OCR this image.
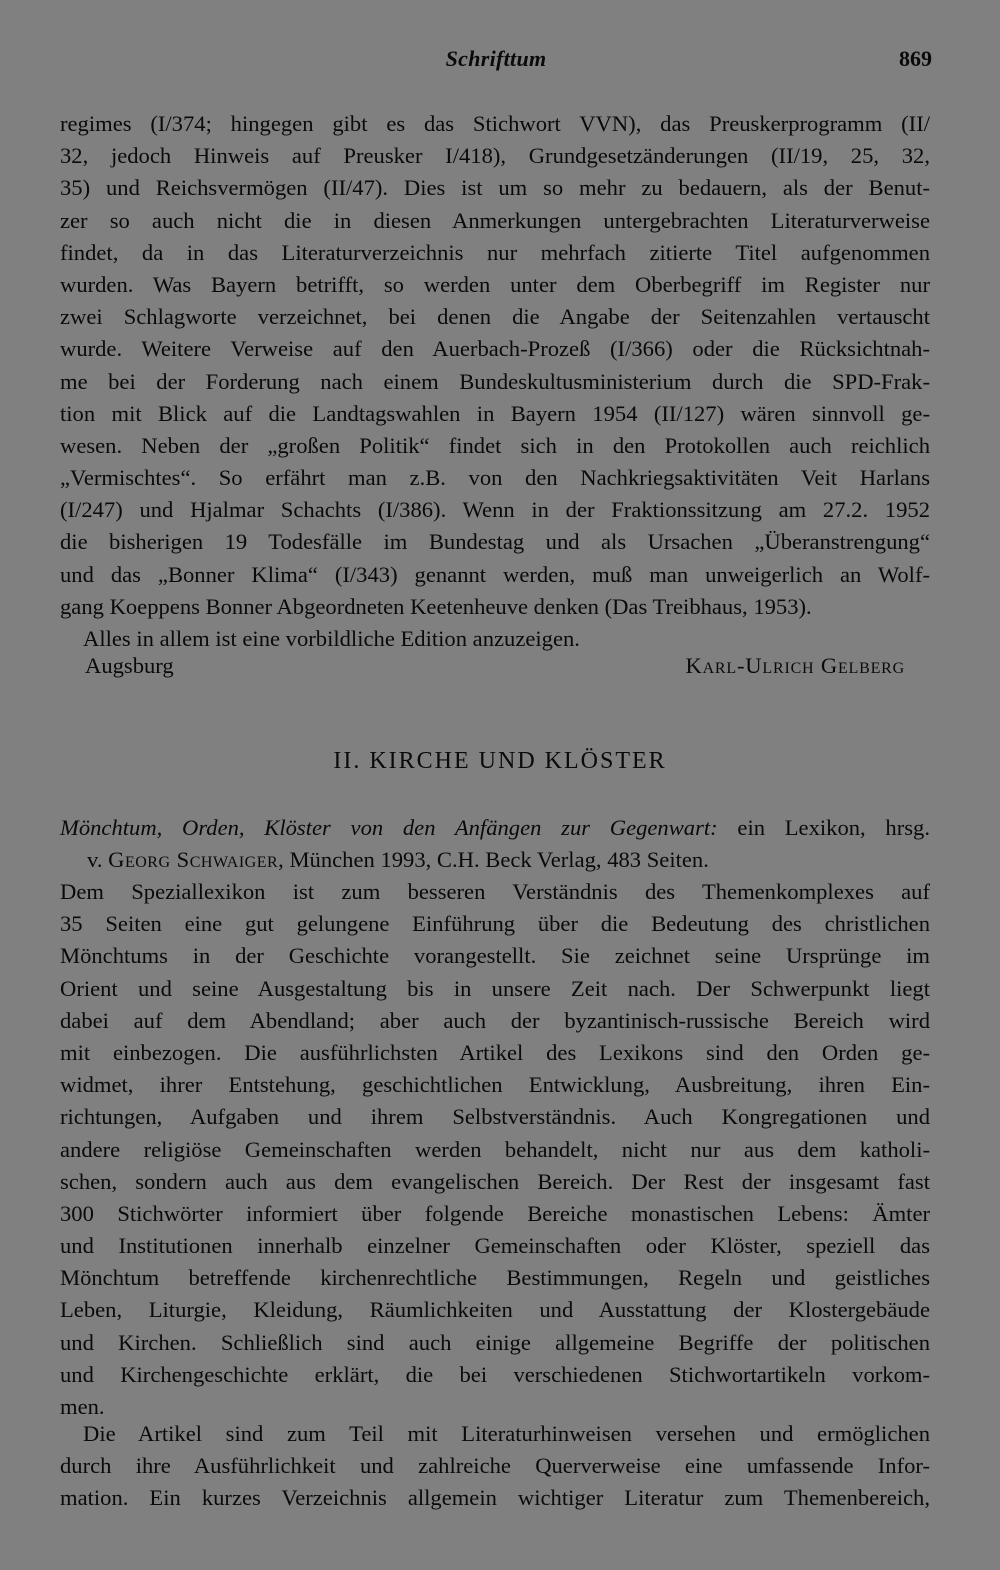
Schrifttum	869
regimes (I/374; hingegen gibt es das Stichwort VVN), das Preuskerprogramm (II/
32, jedoch Hinweis auf Preusker I/418), Grundgesetzänderungen (II/19, 25, 32,
35) und Reichsvermögen (II/47). Dies ist um so mehr zu bedauern, als der Benut-
zer so auch nicht die in diesen Anmerkungen untergebrachten Literaturverweise
findet, da in das Literaturverzeichnis nur mehrfach zitierte Titel aufgenommen
wurden. Was Bayern betrifft, so werden unter dem Oberbegriff im Register nur
zwei Schlagworte verzeichnet, bei denen die Angabe der Seitenzahlen vertauscht
wurde. Weitere Verweise auf den Auerbach-Prozeß (I/366) oder die Rücksichtnah-
me bei der Forderung nach einem Bundeskultusministerium durch die SPD-Frak-
tion mit Blick auf die Landtagswahlen in Bayern 1954 (II/127) wären sinnvoll ge-
wesen. Neben der „großen Politik“ findet sich in den Protokollen auch reichlich
„Vermischtes“. So erfährt man z.B. von den Nachkriegsaktivitäten Veit Harlans
(I/247) und Hjalmar Schachts (I/386). Wenn in der Fraktionssitzung am 27.2. 1952
die bisherigen 19 Todesfälle im Bundestag und als Ursachen „Überanstrengung“
und das „Bonner Klima“ (I/343) genannt werden, muß man unweigerlich an Wolf-
gang Koeppens Bonner Abgeordneten Keetenheuve denken (Das Treibhaus, 1953).
Alles in allem ist eine vorbildliche Edition anzuzeigen.
Augsburg	Karl-Ulrich Gelberg
II. KIRCHE UND KLÖSTER
Mönchtum, Orden, Klöster von den Anfängen zur Gegenwart: ein Lexikon, hrsg.
v. Georg Schwaiger, München 1993, C.H. Beck Verlag, 483 Seiten.
Dem Speziallexikon ist zum besseren Verständnis des Themenkomplexes auf
35 Seiten eine gut gelungene Einführung über die Bedeutung des christlichen
Mönchtums in der Geschichte vorangestellt. Sie zeichnet seine Ursprünge im
Orient und seine Ausgestaltung bis in unsere Zeit nach. Der Schwerpunkt liegt
dabei auf dem Abendland; aber auch der byzantinisch-russische Bereich wird
mit einbezogen. Die ausführlichsten Artikel des Lexikons sind den Orden ge-
widmet, ihrer Entstehung, geschichtlichen Entwicklung, Ausbreitung, ihren Ein-
richtungen, Aufgaben und ihrem Selbstverständnis. Auch Kongregationen und
andere religiöse Gemeinschaften werden behandelt, nicht nur aus dem katholi-
schen, sondern auch aus dem evangelischen Bereich. Der Rest der insgesamt fast
300 Stichwörter informiert über folgende Bereiche monastischen Lebens: Ämter
und Institutionen innerhalb einzelner Gemeinschaften oder Klöster, speziell das
Mönchtum betreffende kirchenrechtliche Bestimmungen, Regeln und geistliches
Leben, Liturgie, Kleidung, Räumlichkeiten und Ausstattung der Klostergebäude
und Kirchen. Schließlich sind auch einige allgemeine Begriffe der politischen
und Kirchengeschichte erklärt, die bei verschiedenen Stichwortartikeln vorkom-
men.
Die Artikel sind zum Teil mit Literaturhinweisen versehen und ermöglichen
durch ihre Ausführlichkeit und zahlreiche Querverweise eine umfassende Infor-
mation. Ein kurzes Verzeichnis allgemein wichtiger Literatur zum Themenbereich,
